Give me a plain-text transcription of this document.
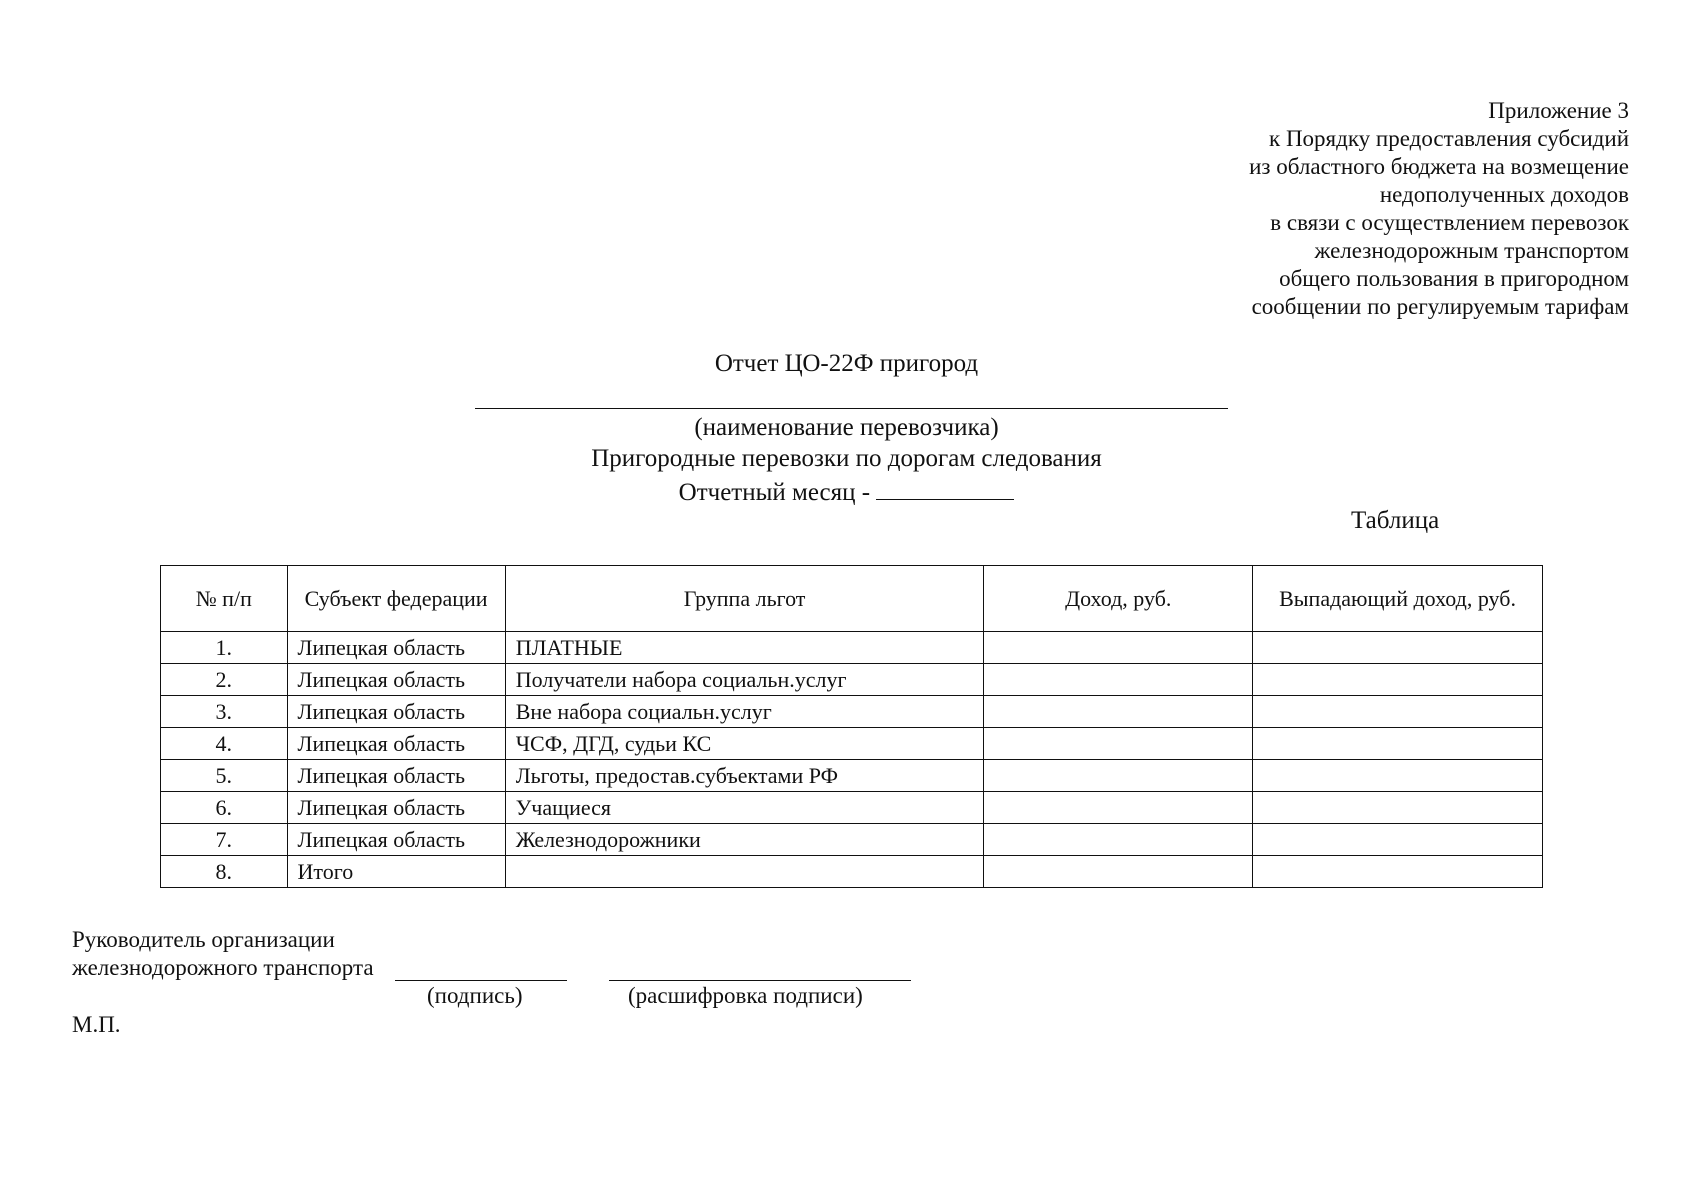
Приложение 3
к Порядку предоставления субсидий
из областного бюджета на возмещение
недополученных доходов
в связи с осуществлением перевозок
железнодорожным транспортом
общего пользования в пригородном
сообщении по регулируемым тарифам
Отчет ЦО-22Ф пригород
(наименование перевозчика)
Пригородные перевозки по дорогам следования
Отчетный месяц -
Таблица
№ п/п	Субъект федерации	Группа льгот	Доход, руб.	Выпадающий доход, руб.
1.	Липецкая область	ПЛАТНЫЕ		
2.	Липецкая область	Получатели набора социальн.услуг		
3.	Липецкая область	Вне набора социальн.услуг		
4.	Липецкая область	ЧСФ, ДГД, судьи КС		
5.	Липецкая область	Льготы, предостав.субъектами РФ		
6.	Липецкая область	Учащиеся		
7.	Липецкая область	Железнодорожники		
8.	Итого			
Руководитель организации
железнодорожного транспорта
(подпись)	(расшифровка подписи)
М.П.
